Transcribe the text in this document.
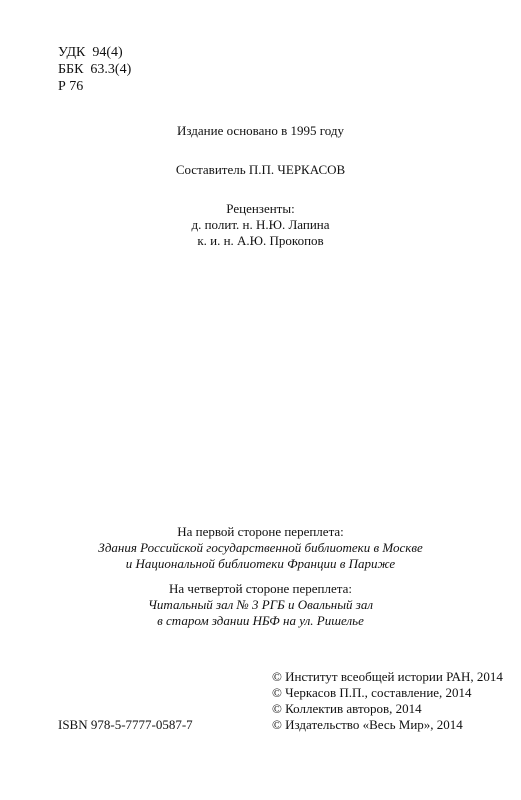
УДК  94(4)
ББК  63.3(4)
Р 76
Издание основано в 1995 году
Составитель П.П. ЧЕРКАСОВ
Рецензенты:
д. полит. н. Н.Ю. Лапина
к. и. н. А.Ю. Прокопов
На первой стороне переплета:
Здания Российской государственной библиотеки в Москве
и Национальной библиотеки Франции в Париже
На четвертой стороне переплета:
Читальный зал № 3 РГБ и Овальный зал
в старом здании НБФ на ул. Ришелье
© Институт всеобщей истории РАН, 2014
© Черкасов П.П., составление, 2014
© Коллектив авторов, 2014
© Издательство «Весь Мир», 2014
ISBN 978-5-7777-0587-7
